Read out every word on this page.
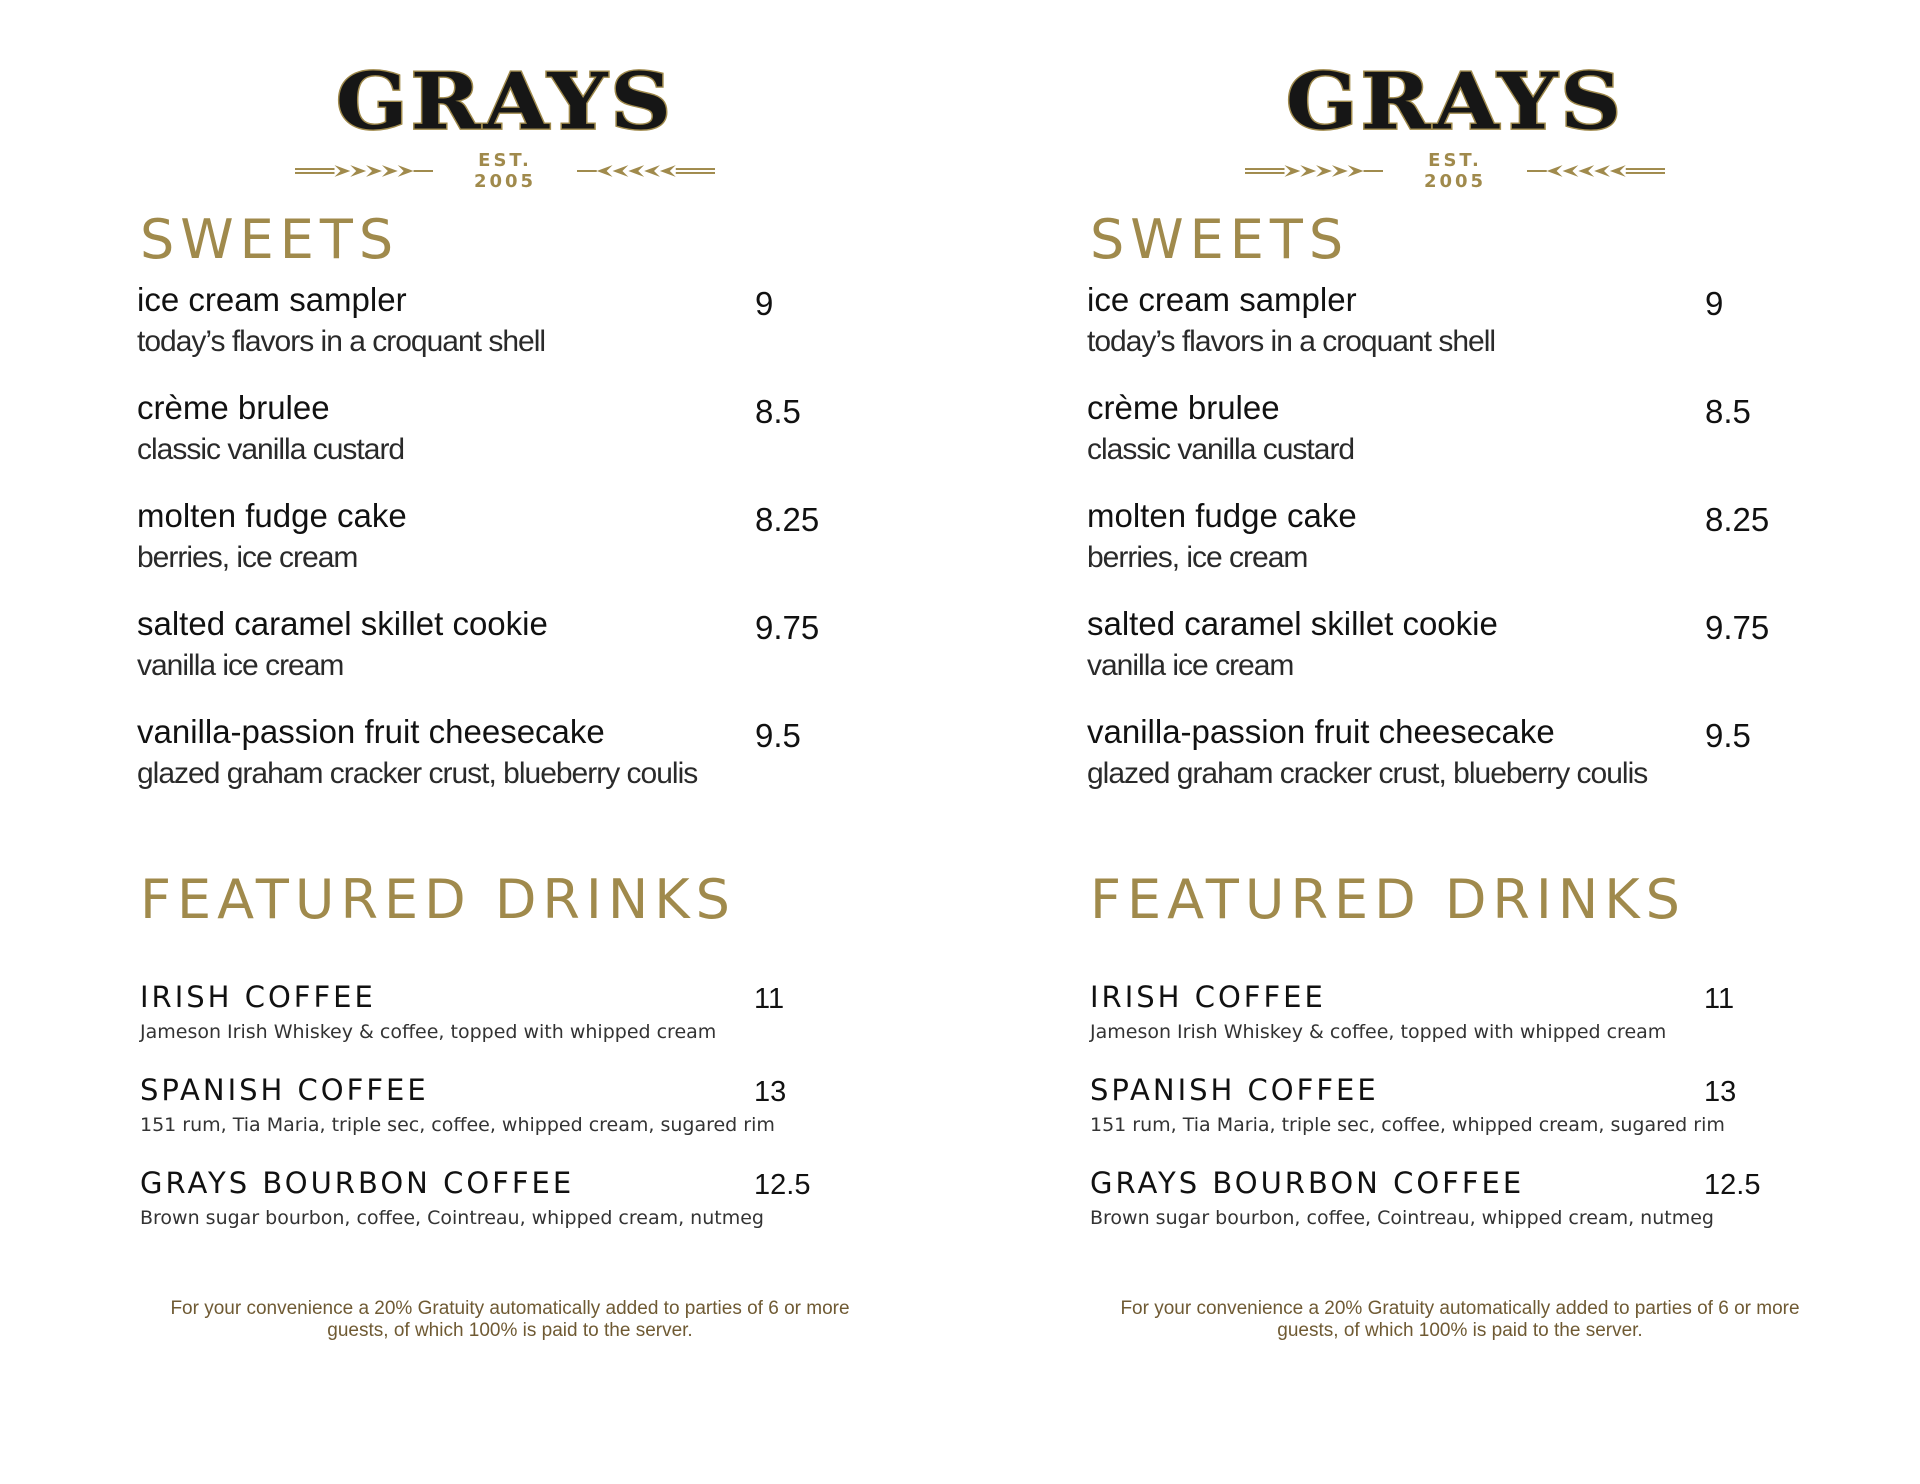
GRAYS
EST. 2005
SWEETS
ice cream sampler
today’s flavors in a croquant shell
9
crème brulee
classic vanilla custard
8.5
molten fudge cake
berries, ice cream
8.25
salted caramel skillet cookie
vanilla ice cream
9.75
vanilla-passion fruit cheesecake
glazed graham cracker crust, blueberry coulis
9.5
FEATURED DRINKS
IRISH COFFEE
Jameson Irish Whiskey & coffee, topped with whipped cream
11
SPANISH COFFEE
151 rum, Tia Maria, triple sec, coffee, whipped cream, sugared rim
13
GRAYS BOURBON COFFEE
Brown sugar bourbon, coffee, Cointreau, whipped cream, nutmeg
12.5

For your convenience a 20% Gratuity automatically added to parties of 6 or more
guests, of which 100% is paid to the server.

GRAYS
EST. 2005
SWEETS
ice cream sampler
today’s flavors in a croquant shell
9
crème brulee
classic vanilla custard
8.5
molten fudge cake
berries, ice cream
8.25
salted caramel skillet cookie
vanilla ice cream
9.75
vanilla-passion fruit cheesecake
glazed graham cracker crust, blueberry coulis
9.5
FEATURED DRINKS
IRISH COFFEE
Jameson Irish Whiskey & coffee, topped with whipped cream
11
SPANISH COFFEE
151 rum, Tia Maria, triple sec, coffee, whipped cream, sugared rim
13
GRAYS BOURBON COFFEE
Brown sugar bourbon, coffee, Cointreau, whipped cream, nutmeg
12.5

For your convenience a 20% Gratuity automatically added to parties of 6 or more
guests, of which 100% is paid to the server.
